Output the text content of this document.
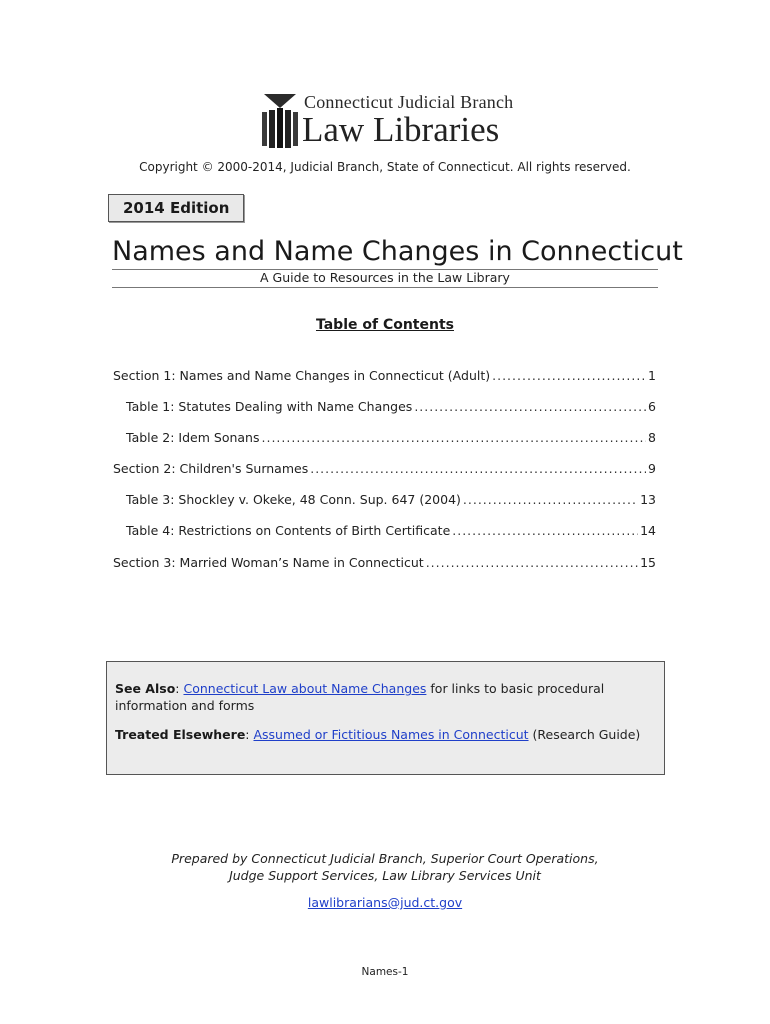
Connecticut Judicial Branch
Law Libraries
Copyright © 2000-2014, Judicial Branch, State of Connecticut. All rights reserved.
2014 Edition
Names and Name Changes in Connecticut
A Guide to Resources in the Law Library
Table of Contents
Section 1: Names and Name Changes in Connecticut (Adult) .....	1
Table 1: Statutes Dealing with Name Changes .....	6
Table 2: Idem Sonans .....	8
Section 2: Children's Surnames .....	9
Table 3: Shockley v. Okeke, 48 Conn. Sup. 647 (2004) .....	13
Table 4: Restrictions on Contents of Birth Certificate .....	14
Section 3: Married Woman’s Name in Connecticut .....	15
See Also: Connecticut Law about Name Changes for links to basic procedural information and forms
Treated Elsewhere: Assumed or Fictitious Names in Connecticut (Research Guide)
Prepared by Connecticut Judicial Branch, Superior Court Operations,
Judge Support Services, Law Library Services Unit
lawlibrarians@jud.ct.gov
Names-1
